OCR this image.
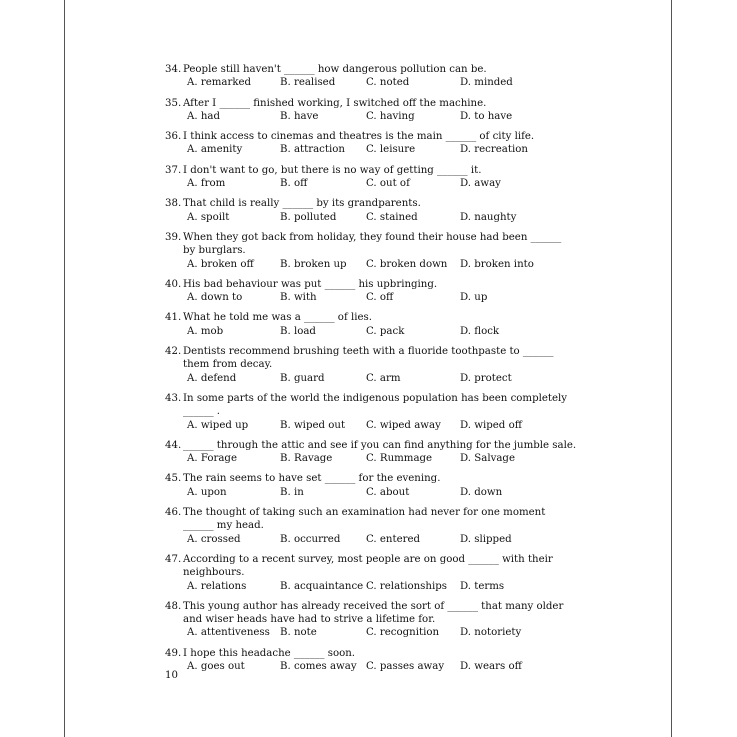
34. People still haven't ______ how dangerous pollution can be.
A. remarked	B. realised	C. noted	D. minded
35. After I ______ finished working, I switched off the machine.
A. had	B. have	C. having	D. to have
36. I think access to cinemas and theatres is the main ______ of city life.
A. amenity	B. attraction	C. leisure	D. recreation
37. I don't want to go, but there is no way of getting ______ it.
A. from	B. off	C. out of	D. away
38. That child is really ______ by its grandparents.
A. spoilt	B. polluted	C. stained	D. naughty
39. When they got back from holiday, they found their house had been ______
by burglars.
A. broken off	B. broken up	C. broken down	D. broken into
40. His bad behaviour was put ______ his upbringing.
A. down to	B. with	C. off	D. up
41. What he told me was a ______ of lies.
A. mob	B. load	C. pack	D. flock
42. Dentists recommend brushing teeth with a fluoride toothpaste to ______
them from decay.
A. defend	B. guard	C. arm	D. protect
43. In some parts of the world the indigenous population has been completely
______ .
A. wiped up	B. wiped out	C. wiped away	D. wiped off
44. ______ through the attic and see if you can find anything for the jumble sale.
A. Forage	B. Ravage	C. Rummage	D. Salvage
45. The rain seems to have set ______ for the evening.
A. upon	B. in	C. about	D. down
46. The thought of taking such an examination had never for one moment
______ my head.
A. crossed	B. occurred	C. entered	D. slipped
47. According to a recent survey, most people are on good ______ with their
neighbours.
A. relations	B. acquaintance C. relationships	D. terms
48. This young author has already received the sort of ______ that many older
and wiser heads have had to strive a lifetime for.
A. attentiveness B. note	C. recognition	D. notoriety
49. I hope this headache ______ soon.
A. goes out	B. comes away C. passes away	D. wears off
10
